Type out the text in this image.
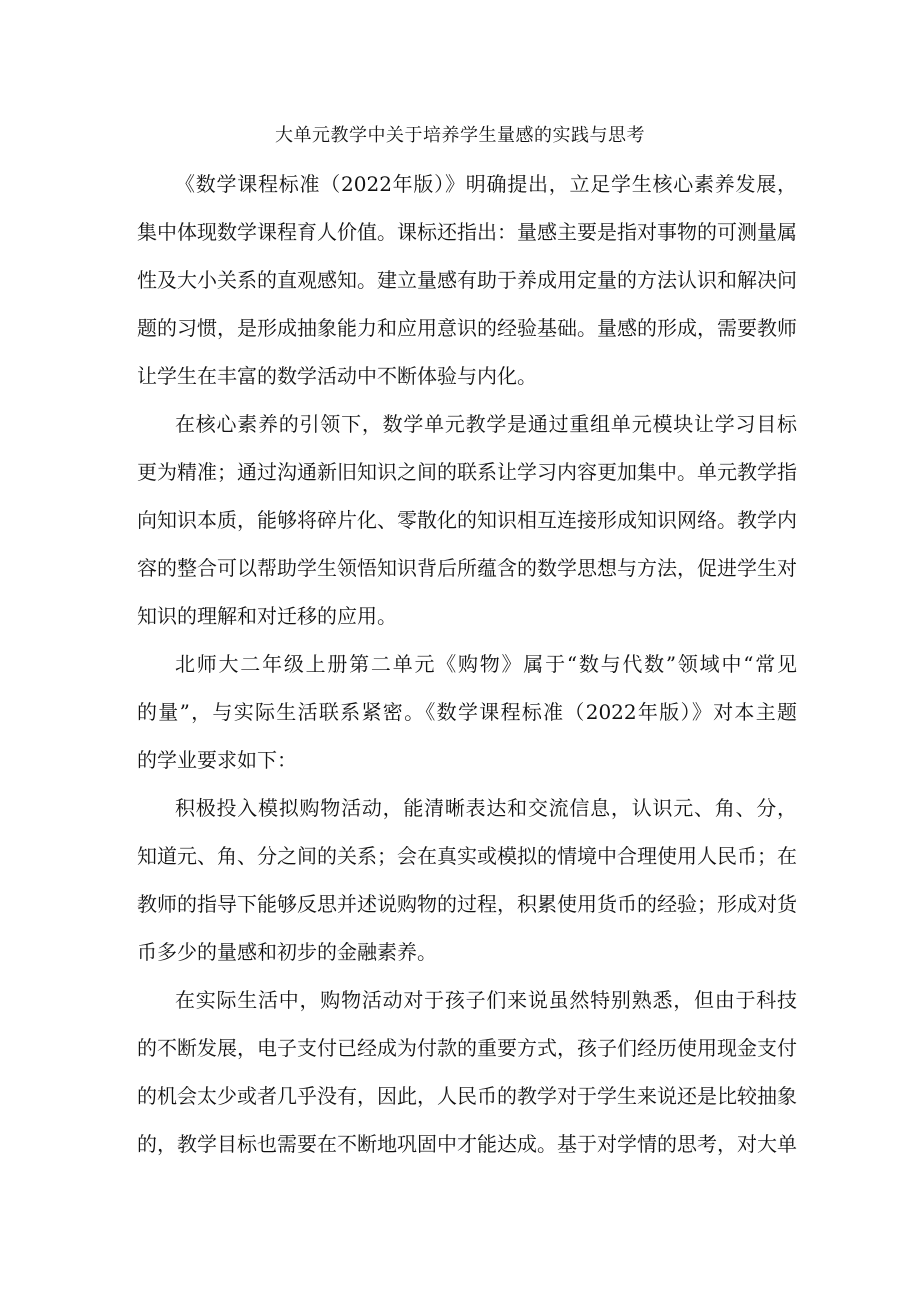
大单元教学中关于培养学生量感的实践与思考
《数学课程标准（2022年版）》明确提出，立足学生核心素养发展，
集中体现数学课程育人价值。课标还指出：量感主要是指对事物的可测量属
性及大小关系的直观感知。建立量感有助于养成用定量的方法认识和解决问
题的习惯，是形成抽象能力和应用意识的经验基础。量感的形成，需要教师
让学生在丰富的数学活动中不断体验与内化。
在核心素养的引领下，数学单元教学是通过重组单元模块让学习目标
更为精准；通过沟通新旧知识之间的联系让学习内容更加集中。单元教学指
向知识本质，能够将碎片化、零散化的知识相互连接形成知识网络。教学内
容的整合可以帮助学生领悟知识背后所蕴含的数学思想与方法，促进学生对
知识的理解和对迁移的应用。
北师大二年级上册第二单元《购物》属于“数与代数”领域中“常见
的量”，与实际生活联系紧密。《数学课程标准（2022年版）》对本主题
的学业要求如下：
积极投入模拟购物活动，能清晰表达和交流信息，认识元、角、分，
知道元、角、分之间的关系；会在真实或模拟的情境中合理使用人民币；在
教师的指导下能够反思并述说购物的过程，积累使用货币的经验；形成对货
币多少的量感和初步的金融素养。
在实际生活中，购物活动对于孩子们来说虽然特别熟悉，但由于科技
的不断发展，电子支付已经成为付款的重要方式，孩子们经历使用现金支付
的机会太少或者几乎没有，因此，人民币的教学对于学生来说还是比较抽象
的，教学目标也需要在不断地巩固中才能达成。基于对学情的思考，对大单
